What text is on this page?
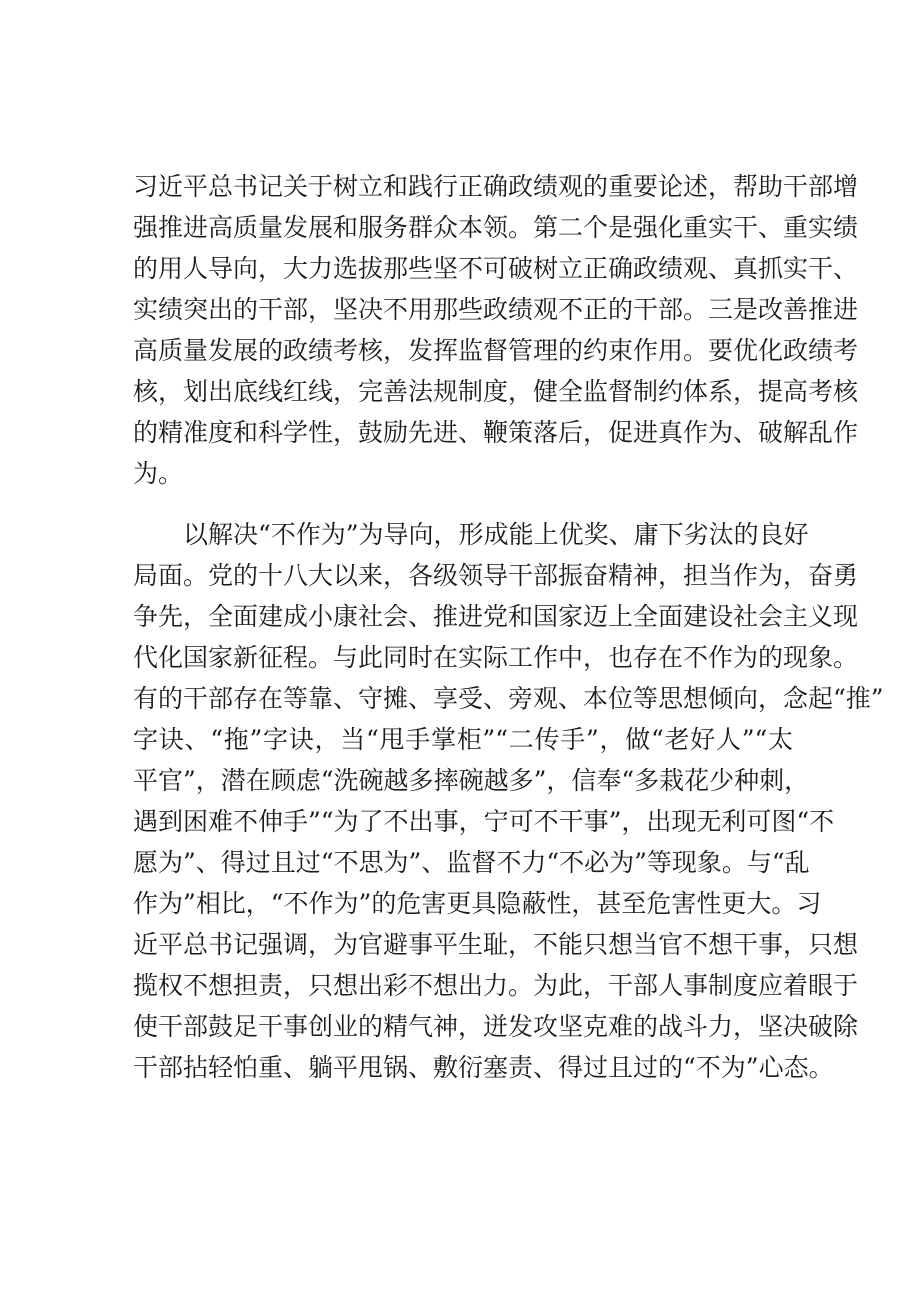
习近平总书记关于树立和践行正确政绩观的重要论述，帮助干部增
强推进高质量发展和服务群众本领。第二个是强化重实干、重实绩
的用人导向，大力选拔那些坚不可破树立正确政绩观、真抓实干、
实绩突出的干部，坚决不用那些政绩观不正的干部。三是改善推进
高质量发展的政绩考核，发挥监督管理的约束作用。要优化政绩考
核，划出底线红线，完善法规制度，健全监督制约体系，提高考核
的精准度和科学性，鼓励先进、鞭策落后，促进真作为、破解乱作
为。
以解决“不作为”为导向，形成能上优奖、庸下劣汰的良好
局面。党的十八大以来，各级领导干部振奋精神，担当作为，奋勇
争先，全面建成小康社会、推进党和国家迈上全面建设社会主义现
代化国家新征程。与此同时在实际工作中，也存在不作为的现象。
有的干部存在等靠、守摊、享受、旁观、本位等思想倾向，念起“推”
字诀、“拖”字诀，当“甩手掌柜”“二传手”，做“老好人”“太
平官”，潜在顾虑“洗碗越多摔碗越多”，信奉“多栽花少种刺，
遇到困难不伸手”“为了不出事，宁可不干事”，出现无利可图“不
愿为”、得过且过“不思为”、监督不力“不必为”等现象。与“乱
作为”相比，“不作为”的危害更具隐蔽性，甚至危害性更大。习
近平总书记强调，为官避事平生耻，不能只想当官不想干事，只想
揽权不想担责，只想出彩不想出力。为此，干部人事制度应着眼于
使干部鼓足干事创业的精气神，迸发攻坚克难的战斗力，坚决破除
干部拈轻怕重、躺平甩锅、敷衍塞责、得过且过的“不为”心态。
